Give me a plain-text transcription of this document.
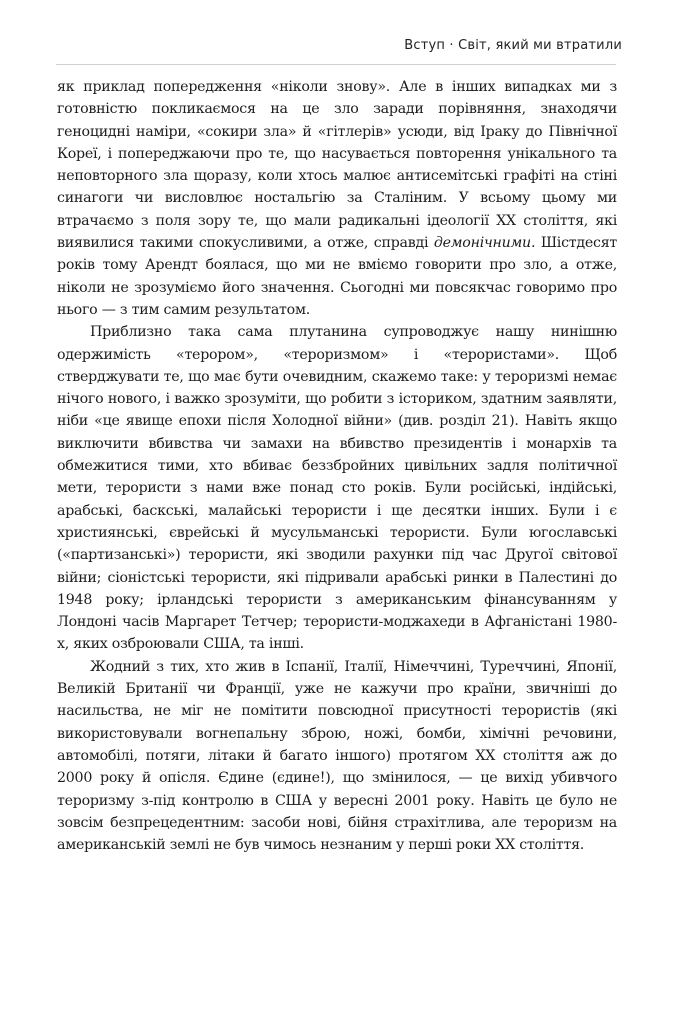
Вступ · Світ, який ми втратили

як приклад попередження «ніколи знову». Але в інших випадках ми з готовністю покликаємося на це зло заради порівняння, знаходячи геноцидні наміри, «сокири зла» й «гітлерів» усюди, від Іраку до Північної Кореї, і попереджаючи про те, що насувається повторення унікального та неповторного зла щоразу, коли хтось малює антисемітські графіті на стіні синагоги чи висловлює ностальгію за Сталіним. У всьому цьому ми втрачаємо з поля зору те, що мали радикальні ідеології ХХ століття, які виявилися такими спокусливими, а отже, справді демонічними. Шістдесят років тому Арендт боялася, що ми не вміємо говорити про зло, а отже, ніколи не зрозуміємо його значення. Сьогодні ми повсякчас говоримо про нього — з тим самим результатом.

Приблизно така сама плутанина супроводжує нашу нинішню одержимість «терором», «тероризмом» і «терористами». Щоб стверджувати те, що має бути очевидним, скажемо таке: у тероризмі немає нічого нового, і важко зрозуміти, що робити з істориком, здатним заявляти, ніби «це явище епохи після Холодної війни» (див. розділ 21). Навіть якщо виключити вбивства чи замахи на вбивство президентів і монархів та обмежитися тими, хто вбиває беззбройних цивільних задля політичної мети, терористи з нами вже понад сто років. Були російські, індійські, арабські, баскські, малайські терористи і ще десятки інших. Були і є християнські, єврейські й мусульманські терористи. Були югославські («партизанські») терористи, які зводили рахунки під час Другої світової війни; сіоністські терористи, які підривали арабські ринки в Палестині до 1948 року; ірландські терористи з американським фінансуванням у Лондоні часів Маргарет Тетчер; терористи-моджахеди в Афганістані 1980-х, яких озброювали США, та інші.

Жодний з тих, хто жив в Іспанії, Італії, Німеччині, Туреччині, Японії, Великій Британії чи Франції, уже не кажучи про країни, звичніші до насильства, не міг не помітити повсюдної присутності терористів (які використовували вогнепальну зброю, ножі, бомби, хімічні речовини, автомобілі, потяги, літаки й багато іншого) протягом ХХ століття аж до 2000 року й опісля. Єдине (єдине!), що змінилося, — це вихід убивчого тероризму з-під контролю в США у вересні 2001 року. Навіть це було не зовсім безпрецедентним: засоби нові, бійня страхітлива, але тероризм на американській землі не був чимось незнаним у перші роки ХХ століття.
